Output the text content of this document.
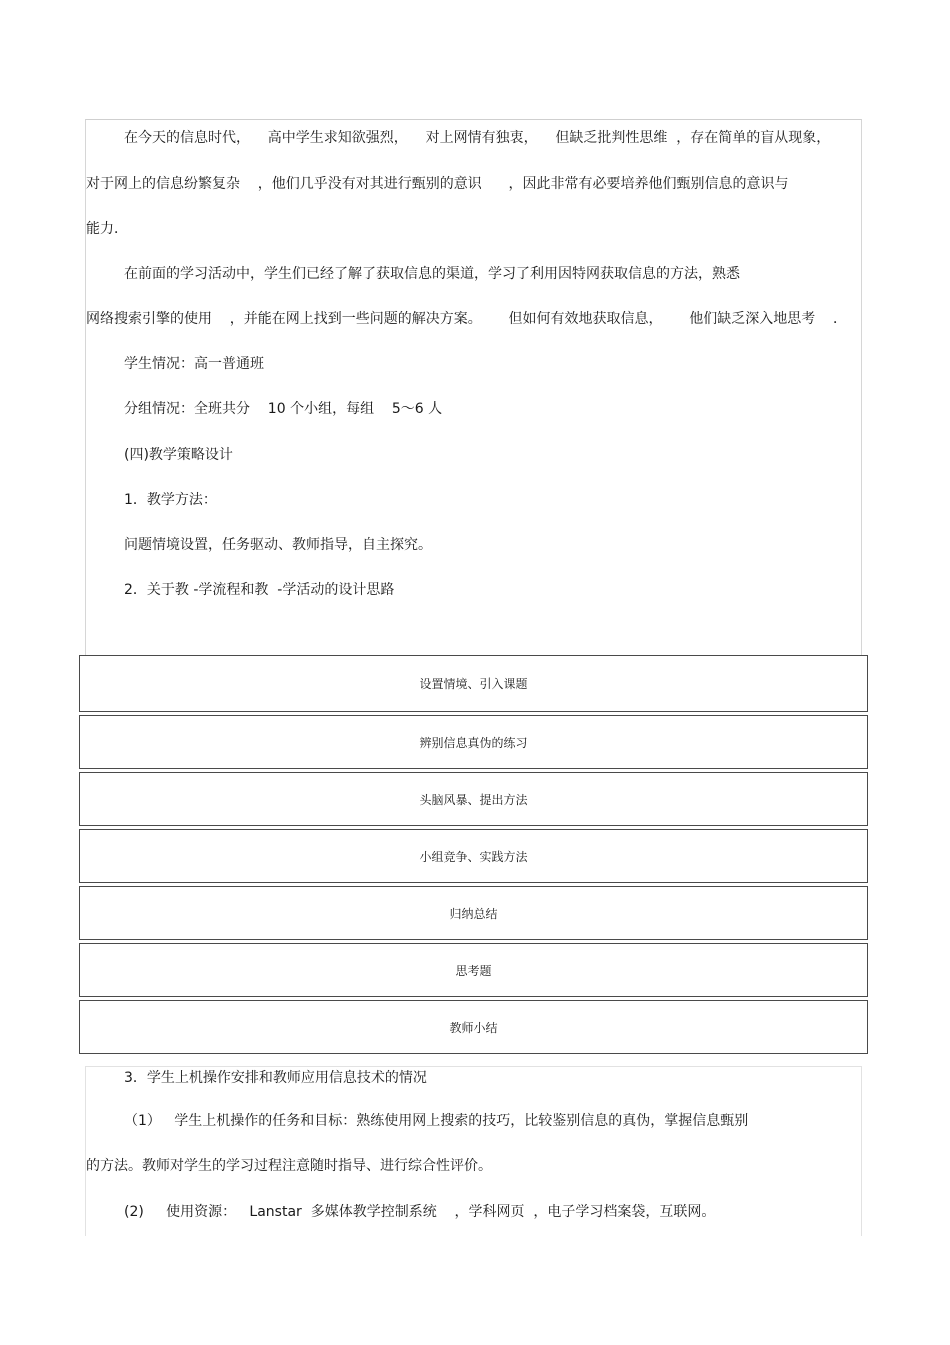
在今天的信息时代，    高中学生求知欲强烈，    对上网情有独衷，    但缺乏批判性思维  ，存在简单的盲从现象，

对于网上的信息纷繁复杂    ，他们几乎没有对其进行甄别的意识      ，因此非常有必要培养他们甄别信息的意识与

能力．

在前面的学习活动中，学生们已经了解了获取信息的渠道，学习了利用因特网获取信息的方法，熟悉

网络搜索引擎的使用    ，并能在网上找到一些问题的解决方案。      但如何有效地获取信息，      他们缺乏深入地思考    ．

学生情况：高一普通班

分组情况：全班共分    10 个小组，每组    5～6 人

(四)教学策略设计

1．教学方法：

问题情境设置，任务驱动、教师指导，自主探究。

2．关于教 -学流程和教  -学活动的设计思路

设置情境、引入课题
辨别信息真伪的练习
头脑风暴、提出方法
小组竞争、实践方法
归纳总结
思考题
教师小结

3．学生上机操作安排和教师应用信息技术的情况

（1）   学生上机操作的任务和目标：熟练使用网上搜索的技巧，比较鉴别信息的真伪，掌握信息甄别

的方法。教师对学生的学习过程注意随时指导、进行综合性评价。

(2)     使用资源：   Lanstar  多媒体教学控制系统    ，学科网页  ，电子学习档案袋，互联网。
